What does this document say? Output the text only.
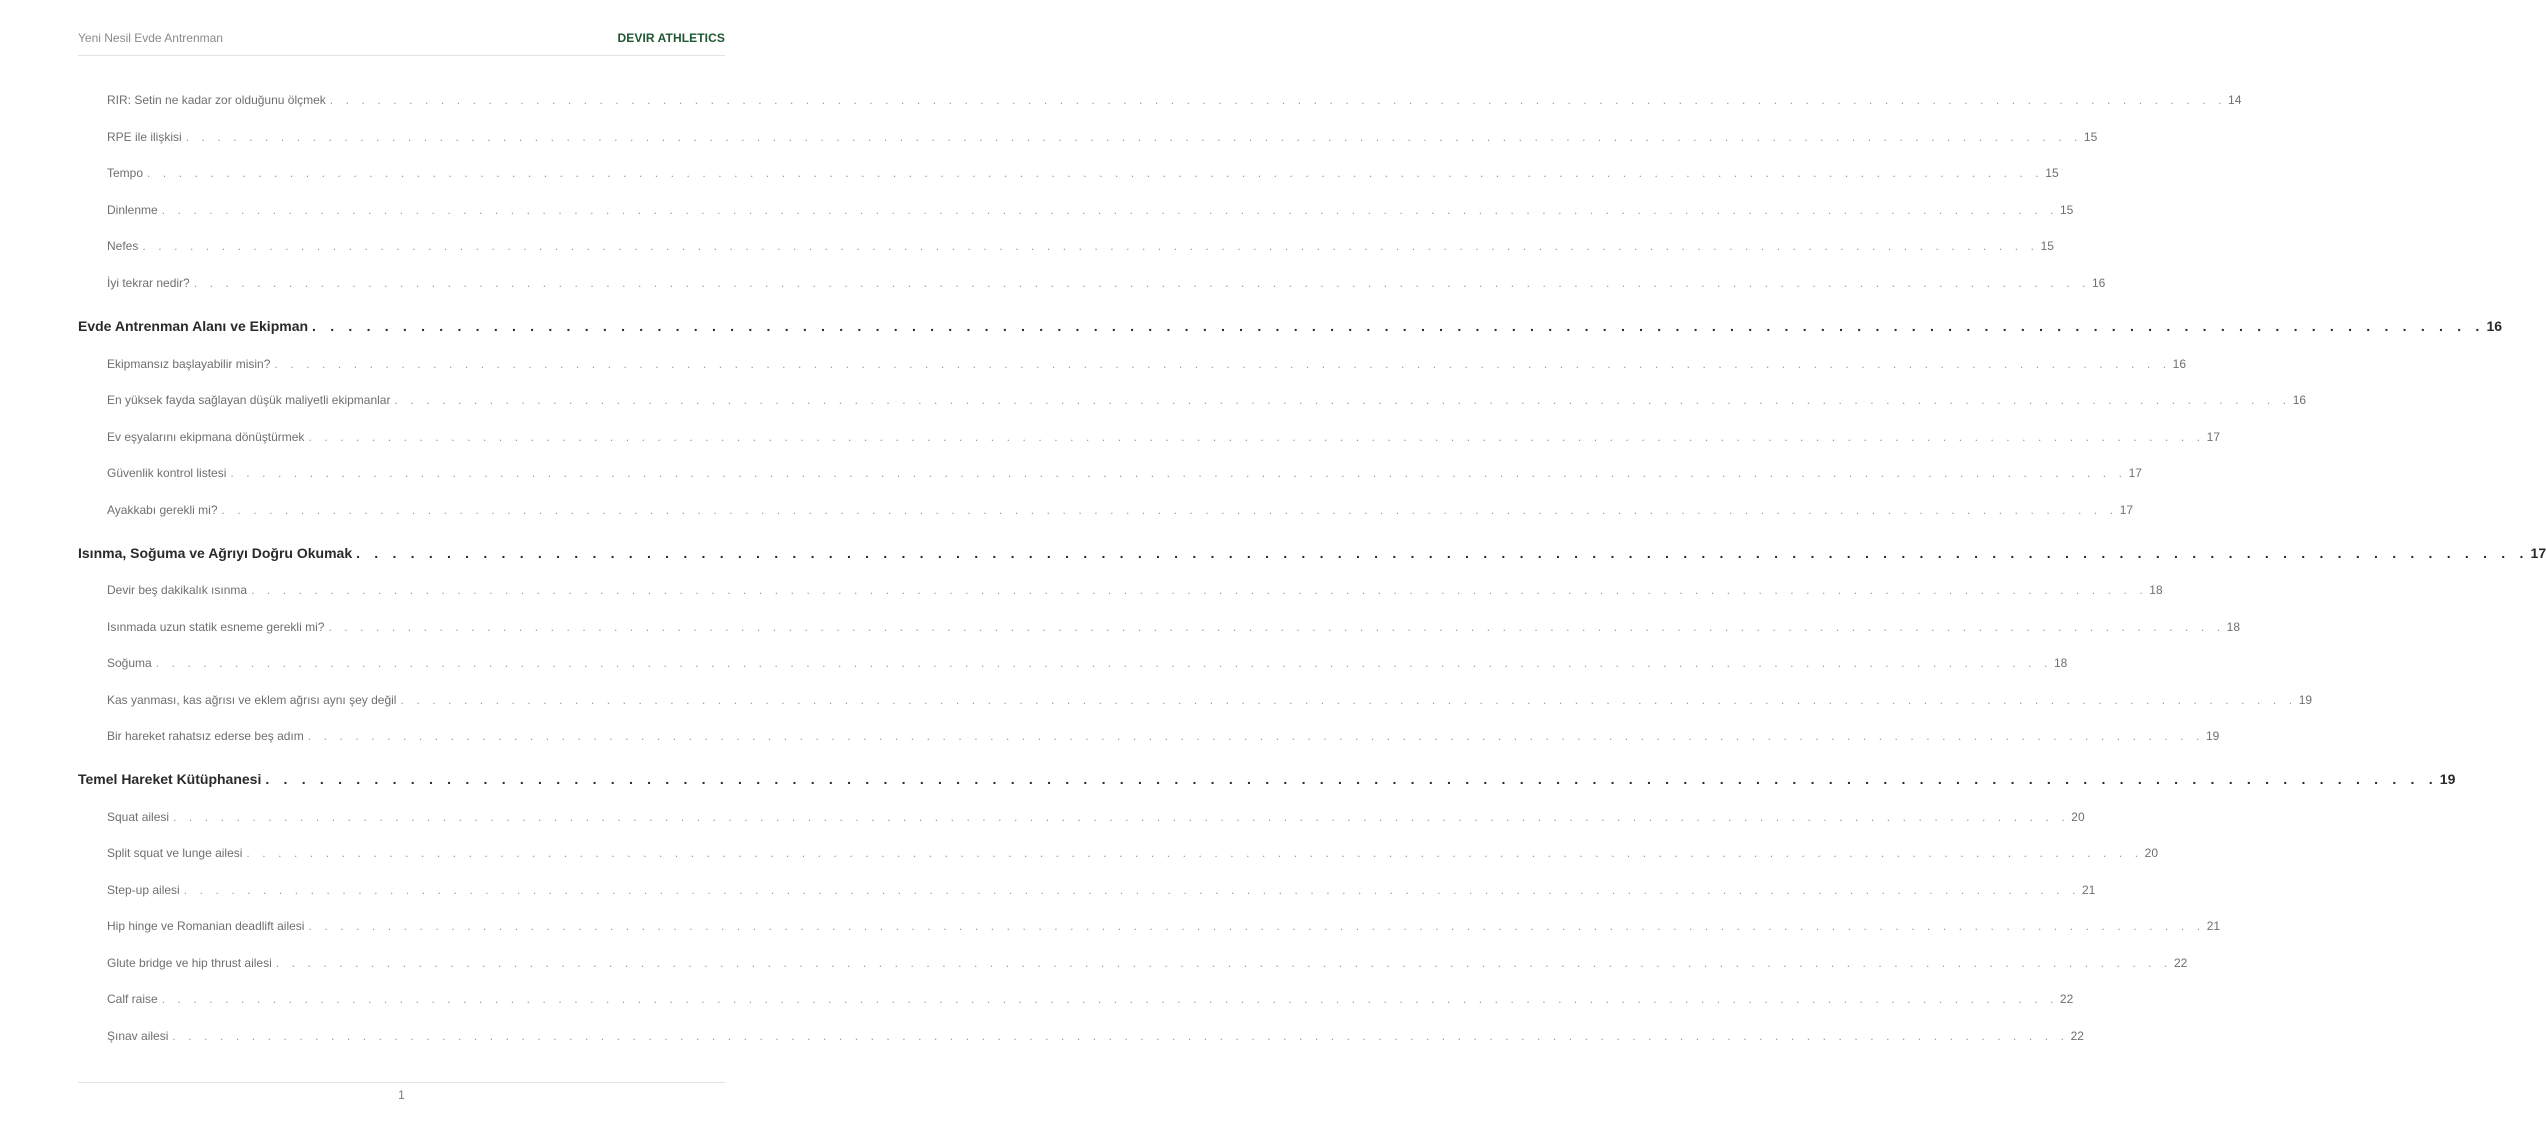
Yeni Nesil Evde Antrenman	DEVIR ATHLETICS
RIR: Setin ne kadar zor olduğunu ölçmek . . . . . . . . . . . . . . . . . . . . . . . . . . . . . . . . . . . . . . . . . . . . . . . . . . . . . . . . . . . . . . . . . . . . . . . . . . . . . . . . . . . . . . . . . . . . . . . . . . . . . . . . . . . . . . . . . . . . . . . . 14
RPE ile ilişkisi . . . . . . . . . . . . . . . . . . . . . . . . . . . . . . . . . . . . . . . . . . . . . . . . . . . . . . . . . . . . . . . . . . . . . . . . . . . . . . . . . . . . . . . . . . . . . . . . . . . . . . . . . . . . . . . . . . . . . . . . 15
Tempo . . . . . . . . . . . . . . . . . . . . . . . . . . . . . . . . . . . . . . . . . . . . . . . . . . . . . . . . . . . . . . . . . . . . . . . . . . . . . . . . . . . . . . . . . . . . . . . . . . . . . . . . . . . . . . . . . . . . . . . . 15
Dinlenme . . . . . . . . . . . . . . . . . . . . . . . . . . . . . . . . . . . . . . . . . . . . . . . . . . . . . . . . . . . . . . . . . . . . . . . . . . . . . . . . . . . . . . . . . . . . . . . . . . . . . . . . . . . . . . . . . . . . . . . . 15
Nefes . . . . . . . . . . . . . . . . . . . . . . . . . . . . . . . . . . . . . . . . . . . . . . . . . . . . . . . . . . . . . . . . . . . . . . . . . . . . . . . . . . . . . . . . . . . . . . . . . . . . . . . . . . . . . . . . . . . . . . . . 15
İyi tekrar nedir? . . . . . . . . . . . . . . . . . . . . . . . . . . . . . . . . . . . . . . . . . . . . . . . . . . . . . . . . . . . . . . . . . . . . . . . . . . . . . . . . . . . . . . . . . . . . . . . . . . . . . . . . . . . . . . . . . . . . . . . . 16
Evde Antrenman Alanı ve Ekipman . . . . . . . . . . . . . . . . . . . . . . . . . . . . . . . . . . . . . . . . . . . . . . . . . . . . . . . . . . . . . . . . . . . . . . . . . . . . . . . . . . . . . . . . . . . . . . . . . . . . . . . . . . . . . . . . . . . . . . . . 16
Ekipmansız başlayabilir misin? . . . . . . . . . . . . . . . . . . . . . . . . . . . . . . . . . . . . . . . . . . . . . . . . . . . . . . . . . . . . . . . . . . . . . . . . . . . . . . . . . . . . . . . . . . . . . . . . . . . . . . . . . . . . . . . . . . . . . . . . 16
En yüksek fayda sağlayan düşük maliyetli ekipmanlar . . . . . . . . . . . . . . . . . . . . . . . . . . . . . . . . . . . . . . . . . . . . . . . . . . . . . . . . . . . . . . . . . . . . . . . . . . . . . . . . . . . . . . . . . . . . . . . . . . . . . . . . . . . . . . . . . . . . . . . . 16
Ev eşyalarını ekipmana dönüştürmek . . . . . . . . . . . . . . . . . . . . . . . . . . . . . . . . . . . . . . . . . . . . . . . . . . . . . . . . . . . . . . . . . . . . . . . . . . . . . . . . . . . . . . . . . . . . . . . . . . . . . . . . . . . . . . . . . . . . . . . . 17
Güvenlik kontrol listesi . . . . . . . . . . . . . . . . . . . . . . . . . . . . . . . . . . . . . . . . . . . . . . . . . . . . . . . . . . . . . . . . . . . . . . . . . . . . . . . . . . . . . . . . . . . . . . . . . . . . . . . . . . . . . . . . . . . . . . . . 17
Ayakkabı gerekli mi? . . . . . . . . . . . . . . . . . . . . . . . . . . . . . . . . . . . . . . . . . . . . . . . . . . . . . . . . . . . . . . . . . . . . . . . . . . . . . . . . . . . . . . . . . . . . . . . . . . . . . . . . . . . . . . . . . . . . . . . . 17
Isınma, Soğuma ve Ağrıyı Doğru Okumak . . . . . . . . . . . . . . . . . . . . . . . . . . . . . . . . . . . . . . . . . . . . . . . . . . . . . . . . . . . . . . . . . . . . . . . . . . . . . . . . . . . . . . . . . . . . . . . . . . . . . . . . . . . . . . . . . . . . . . . . 17
Devir beş dakikalık ısınma . . . . . . . . . . . . . . . . . . . . . . . . . . . . . . . . . . . . . . . . . . . . . . . . . . . . . . . . . . . . . . . . . . . . . . . . . . . . . . . . . . . . . . . . . . . . . . . . . . . . . . . . . . . . . . . . . . . . . . . . 18
Isınmada uzun statik esneme gerekli mi? . . . . . . . . . . . . . . . . . . . . . . . . . . . . . . . . . . . . . . . . . . . . . . . . . . . . . . . . . . . . . . . . . . . . . . . . . . . . . . . . . . . . . . . . . . . . . . . . . . . . . . . . . . . . . . . . . . . . . . . . 18
Soğuma . . . . . . . . . . . . . . . . . . . . . . . . . . . . . . . . . . . . . . . . . . . . . . . . . . . . . . . . . . . . . . . . . . . . . . . . . . . . . . . . . . . . . . . . . . . . . . . . . . . . . . . . . . . . . . . . . . . . . . . . 18
Kas yanması, kas ağrısı ve eklem ağrısı aynı şey değil . . . . . . . . . . . . . . . . . . . . . . . . . . . . . . . . . . . . . . . . . . . . . . . . . . . . . . . . . . . . . . . . . . . . . . . . . . . . . . . . . . . . . . . . . . . . . . . . . . . . . . . . . . . . . . . . . . . . . . . . 19
Bir hareket rahatsız ederse beş adım . . . . . . . . . . . . . . . . . . . . . . . . . . . . . . . . . . . . . . . . . . . . . . . . . . . . . . . . . . . . . . . . . . . . . . . . . . . . . . . . . . . . . . . . . . . . . . . . . . . . . . . . . . . . . . . . . . . . . . . . 19
Temel Hareket Kütüphanesi . . . . . . . . . . . . . . . . . . . . . . . . . . . . . . . . . . . . . . . . . . . . . . . . . . . . . . . . . . . . . . . . . . . . . . . . . . . . . . . . . . . . . . . . . . . . . . . . . . . . . . . . . . . . . . . . . . . . . . . . 19
Squat ailesi . . . . . . . . . . . . . . . . . . . . . . . . . . . . . . . . . . . . . . . . . . . . . . . . . . . . . . . . . . . . . . . . . . . . . . . . . . . . . . . . . . . . . . . . . . . . . . . . . . . . . . . . . . . . . . . . . . . . . . . . 20
Split squat ve lunge ailesi . . . . . . . . . . . . . . . . . . . . . . . . . . . . . . . . . . . . . . . . . . . . . . . . . . . . . . . . . . . . . . . . . . . . . . . . . . . . . . . . . . . . . . . . . . . . . . . . . . . . . . . . . . . . . . . . . . . . . . . . 20
Step-up ailesi . . . . . . . . . . . . . . . . . . . . . . . . . . . . . . . . . . . . . . . . . . . . . . . . . . . . . . . . . . . . . . . . . . . . . . . . . . . . . . . . . . . . . . . . . . . . . . . . . . . . . . . . . . . . . . . . . . . . . . . . 21
Hip hinge ve Romanian deadlift ailesi . . . . . . . . . . . . . . . . . . . . . . . . . . . . . . . . . . . . . . . . . . . . . . . . . . . . . . . . . . . . . . . . . . . . . . . . . . . . . . . . . . . . . . . . . . . . . . . . . . . . . . . . . . . . . . . . . . . . . . . . 21
Glute bridge ve hip thrust ailesi . . . . . . . . . . . . . . . . . . . . . . . . . . . . . . . . . . . . . . . . . . . . . . . . . . . . . . . . . . . . . . . . . . . . . . . . . . . . . . . . . . . . . . . . . . . . . . . . . . . . . . . . . . . . . . . . . . . . . . . . 22
Calf raise . . . . . . . . . . . . . . . . . . . . . . . . . . . . . . . . . . . . . . . . . . . . . . . . . . . . . . . . . . . . . . . . . . . . . . . . . . . . . . . . . . . . . . . . . . . . . . . . . . . . . . . . . . . . . . . . . . . . . . . . 22
Şınav ailesi . . . . . . . . . . . . . . . . . . . . . . . . . . . . . . . . . . . . . . . . . . . . . . . . . . . . . . . . . . . . . . . . . . . . . . . . . . . . . . . . . . . . . . . . . . . . . . . . . . . . . . . . . . . . . . . . . . . . . . . . 22
1
